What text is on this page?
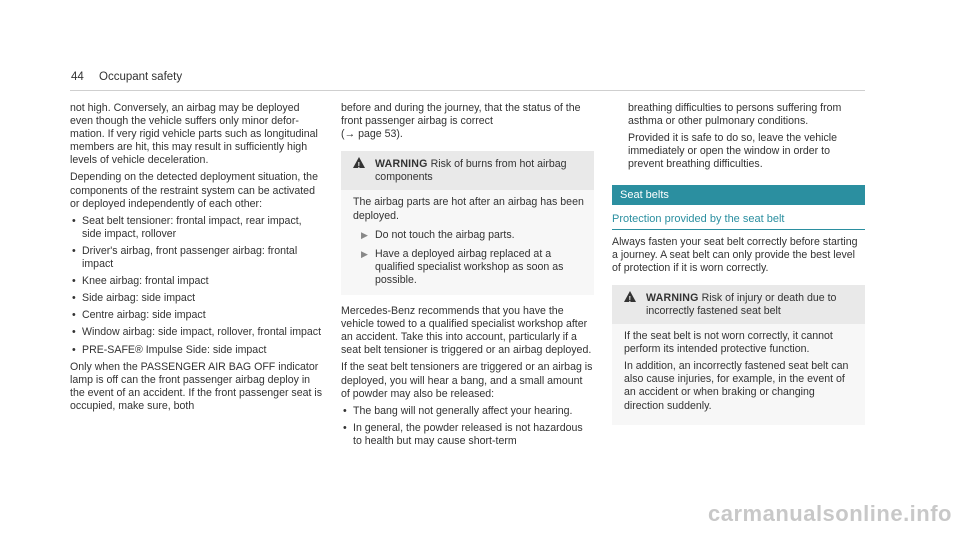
44 Occupant safety

not high. Conversely, an airbag may be deployed even though the vehicle suffers only minor deformation. If very rigid vehicle parts such as longitudinal members are hit, this may result in sufficiently high levels of vehicle deceleration.

Depending on the detected deployment situation, the components of the restraint system can be activated or deployed independently of each other:

• Seat belt tensioner: frontal impact, rear impact, side impact, rollover
• Driver's airbag, front passenger airbag: frontal impact
• Knee airbag: frontal impact
• Side airbag: side impact
• Centre airbag: side impact
• Window airbag: side impact, rollover, frontal impact
• PRE-SAFE® Impulse Side: side impact

Only when the PASSENGER AIR BAG OFF indicator lamp is off can the front passenger airbag deploy in the event of an accident. If the front passenger seat is occupied, make sure, both

before and during the journey, that the status of the front passenger airbag is correct
(→ page 53).

!	WARNING Risk of burns from hot airbag components
The airbag parts are hot after an airbag has been deployed.
▶ Do not touch the airbag parts.
▶ Have a deployed airbag replaced at a qualified specialist workshop as soon as possible.

Mercedes-Benz recommends that you have the vehicle towed to a qualified specialist workshop after an accident. Take this into account, particularly if a seat belt tensioner is triggered or an airbag deployed.

If the seat belt tensioners are triggered or an airbag is deployed, you will hear a bang, and a small amount of powder may also be released:

• The bang will not generally affect your hearing.
• In general, the powder released is not hazardous to health but may cause short-term

breathing difficulties to persons suffering from asthma or other pulmonary conditions.

Provided it is safe to do so, leave the vehicle immediately or open the window in order to prevent breathing difficulties.

Seat belts
Protection provided by the seat belt

Always fasten your seat belt correctly before starting a journey. A seat belt can only provide the best level of protection if it is worn correctly.

!	WARNING Risk of injury or death due to incorrectly fastened seat belt

If the seat belt is not worn correctly, it cannot perform its intended protective function.

In addition, an incorrectly fastened seat belt can also cause injuries, for example, in the event of an accident or when braking or changing direction suddenly.

carmanualsonline.info
